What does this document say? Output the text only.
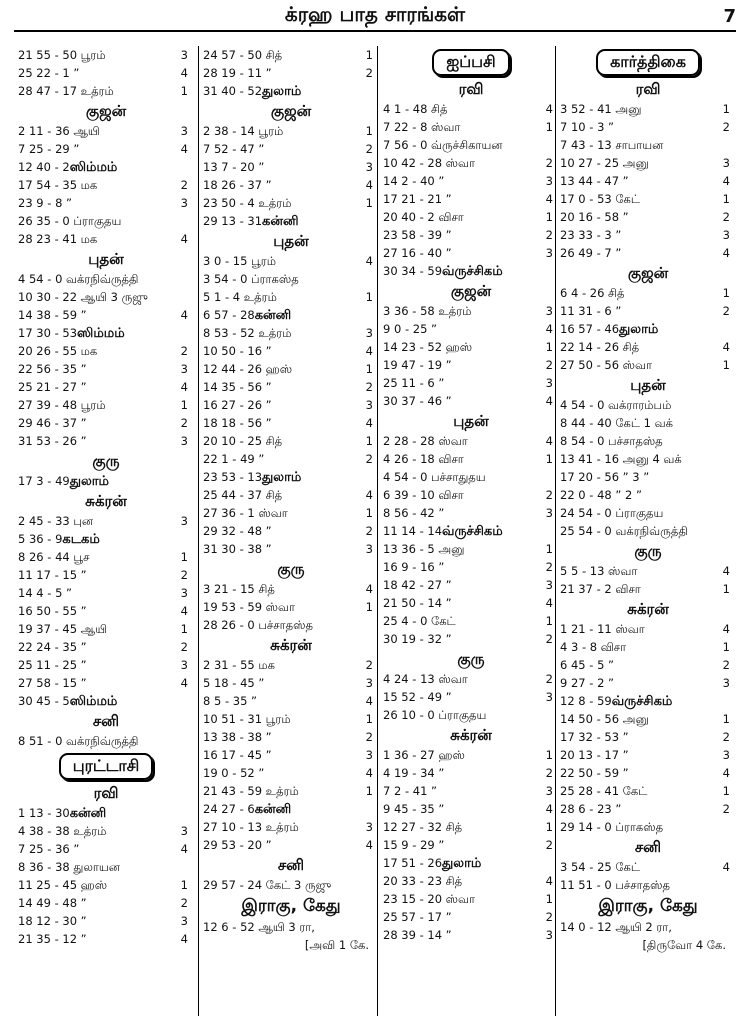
க்ரஹ பாத சாரங்கள்	7
21 55 - 50 பூரம்	3
25 22 - 1 ”	4
28 47 - 17 உத்ரம்	1
குஜன்
2 11 - 36 ஆயி	3
7 25 - 29 ”	4
12 40 - 2ஸிம்மம்
17 54 - 35 மக	2
23 9 - 8 ”	3
26 35 - 0 ப்ராகுதய
28 23 - 41 மக	4
புதன்
4 54 - 0 வக்ரநிவ்ருத்தி
10 30 - 22 ஆயி 3 ருஜு
14 38 - 59 ”	4
17 30 - 53ஸிம்மம்
20 26 - 55 மக	2
22 56 - 35 ”	3
25 21 - 27 ”	4
27 39 - 48 பூரம்	1
29 46 - 37 ”	2
31 53 - 26 ”	3
குரு
17 3 - 49துலாம்
சுக்ரன்
2 45 - 33 புன	3
5 36 - 9கடகம்
8 26 - 44 பூச	1
11 17 - 15 ”	2
14 4 - 5 ”	3
16 50 - 55 ”	4
19 37 - 45 ஆயி	1
22 24 - 35 ”	2
25 11 - 25 ”	3
27 58 - 15 ”	4
30 45 - 5ஸிம்மம்
சனி
8 51 - 0 வக்ரநிவ்ருத்தி
புரட்டாசி
ரவி
1 13 - 30கன்னி
4 38 - 38 உத்ரம்	3
7 25 - 36 ”	4
8 36 - 38 துலாயன
11 25 - 45 ஹஸ்	1
14 49 - 48 ”	2
18 12 - 30 ”	3
21 35 - 12 ”	4
24 57 - 50 சித்	1
28 19 - 11 ”	2
31 40 - 52துலாம்
குஜன்
2 38 - 14 பூரம்	1
7 52 - 47 ”	2
13 7 - 20 ”	3
18 26 - 37 ”	4
23 50 - 4 உத்ரம்	1
29 13 - 31கன்னி
புதன்
3 0 - 15 பூரம்	4
3 54 - 0 ப்ராகஸ்த
5 1 - 4 உத்ரம்	1
6 57 - 28கன்னி
8 53 - 52 உத்ரம்	3
10 50 - 16 ”	4
12 44 - 26 ஹஸ்	1
14 35 - 56 ”	2
16 27 - 26 ”	3
18 18 - 56 ”	4
20 10 - 25 சித்	1
22 1 - 49 ”	2
23 53 - 13துலாம்
25 44 - 37 சித்	4
27 36 - 1 ஸ்வா	1
29 32 - 48 ”	2
31 30 - 38 ”	3
குரு
3 21 - 15 சித்	4
19 53 - 59 ஸ்வா	1
28 26 - 0 பச்சாதஸ்த
சுக்ரன்
2 31 - 55 மக	2
5 18 - 45 ”	3
8 5 - 35 ”	4
10 51 - 31 பூரம்	1
13 38 - 38 ”	2
16 17 - 45 ”	3
19 0 - 52 ”	4
21 43 - 59 உத்ரம்	1
24 27 - 6கன்னி
27 10 - 13 உத்ரம்	3
29 53 - 20 ”	4
சனி
29 57 - 24 கேட் 3 ருஜு
இராகு, கேது
12 6 - 52 ஆயி 3 ரா,
[அவி 1 கே.
ஐப்பசி
ரவி
4 1 - 48 சித்	4
7 22 - 8 ஸ்வா	1
7 56 - 0 வ்ருச்சிகாயன
10 42 - 28 ஸ்வா	2
14 2 - 40 ”	3
17 21 - 21 ”	4
20 40 - 2 விசா	1
23 58 - 39 ”	2
27 16 - 40 ”	3
30 34 - 59வ்ருச்சிகம்
குஜன்
3 36 - 58 உத்ரம்	3
9 0 - 25 ”	4
14 23 - 52 ஹஸ்	1
19 47 - 19 ”	2
25 11 - 6 ”	3
30 37 - 46 ”	4
புதன்
2 28 - 28 ஸ்வா	4
4 26 - 18 விசா	1
4 54 - 0 பச்சாதுதய
6 39 - 10 விசா	2
8 56 - 42 ”	3
11 14 - 14வ்ருச்சிகம்
13 36 - 5 அனு	1
16 9 - 16 ”	2
18 42 - 27 ”	3
21 50 - 14 ”	4
25 4 - 0 கேட்	1
30 19 - 32 ”	2
குரு
4 24 - 13 ஸ்வா	2
15 52 - 49 ”	3
26 10 - 0 ப்ராகுதய
சுக்ரன்
1 36 - 27 ஹஸ்	1
4 19 - 34 ”	2
7 2 - 41 ”	3
9 45 - 35 ”	4
12 27 - 32 சித்	1
15 9 - 29 ”	2
17 51 - 26துலாம்
20 33 - 23 சித்	4
23 15 - 20 ஸ்வா	1
25 57 - 17 ”	2
28 39 - 14 ”	3
கார்த்திகை
ரவி
3 52 - 41 அனு	1
7 10 - 3 ”	2
7 43 - 13 சாபாயன
10 27 - 25 அனு	3
13 44 - 47 ”	4
17 0 - 53 கேட்	1
20 16 - 58 ”	2
23 33 - 3 ”	3
26 49 - 7 ”	4
குஜன்
6 4 - 26 சித்	1
11 31 - 6 ”	2
16 57 - 46துலாம்
22 14 - 26 சித்	4
27 50 - 56 ஸ்வா	1
புதன்
4 54 - 0 வக்ராரம்பம்
8 44 - 40 கேட் 1 வக்
8 54 - 0 பச்சாதஸ்த
13 41 - 16 அனு 4 வக்
17 20 - 56 ” 3 ”
22 0 - 48 ” 2 ”
24 54 - 0 ப்ராகுதய
25 54 - 0 வக்ரநிவ்ருத்தி
குரு
5 5 - 13 ஸ்வா	4
21 37 - 2 விசா	1
சுக்ரன்
1 21 - 11 ஸ்வா	4
4 3 - 8 விசா	1
6 45 - 5 ”	2
9 27 - 2 ”	3
12 8 - 59வ்ருச்சிகம்
14 50 - 56 அனு	1
17 32 - 53 ”	2
20 13 - 17 ”	3
22 50 - 59 ”	4
25 28 - 41 கேட்	1
28 6 - 23 ”	2
29 14 - 0 ப்ராகஸ்த
சனி
3 54 - 25 கேட்	4
11 51 - 0 பச்சாதஸ்த
இராகு, கேது
14 0 - 12 ஆயி 2 ரா,
[திருவோ 4 கே.
